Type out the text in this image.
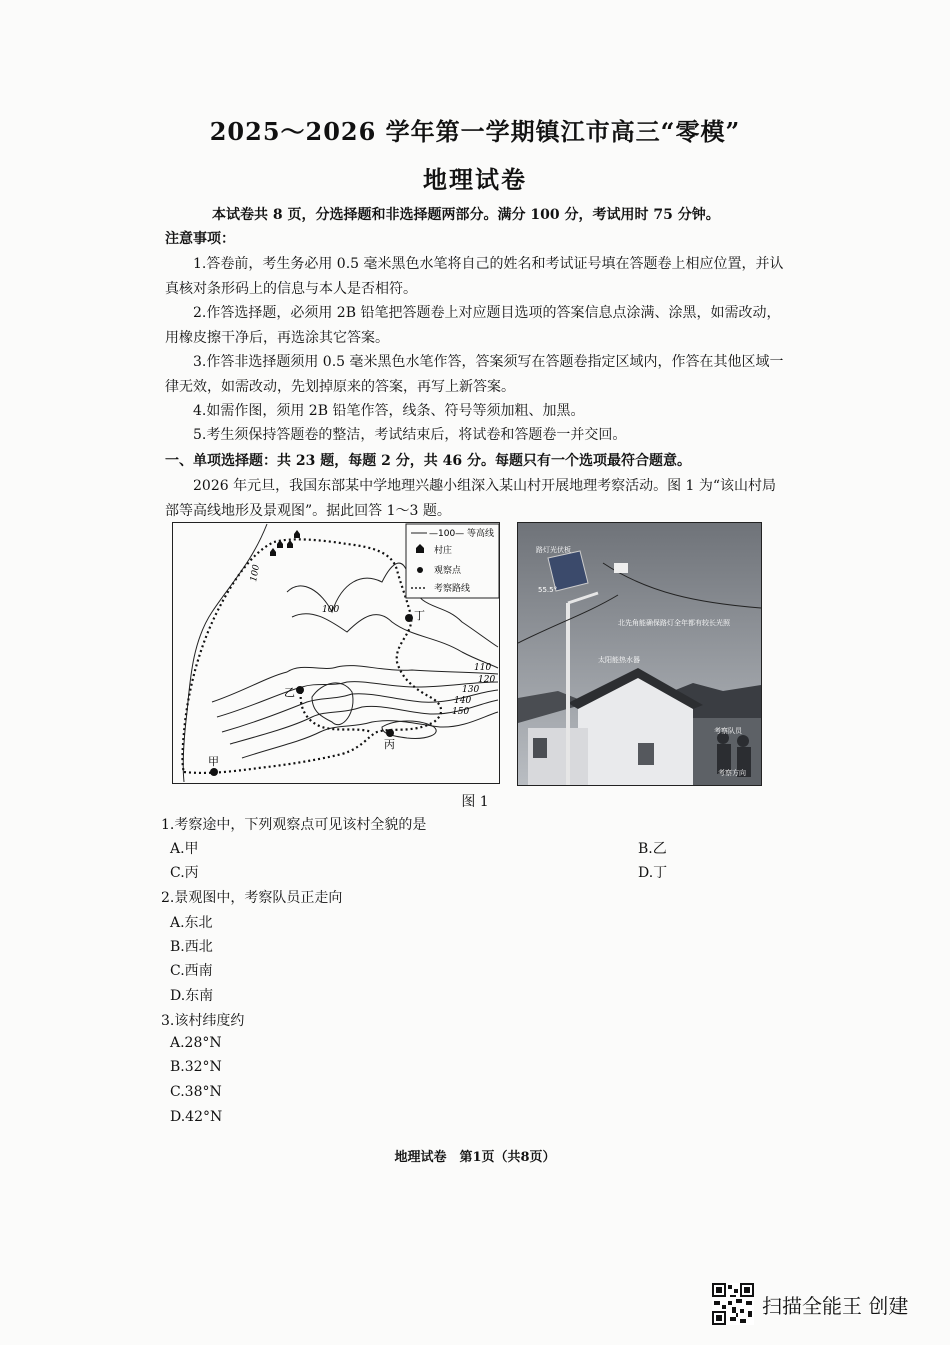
2025～2026 学年第一学期镇江市高三“零模”
地理试卷
本试卷共 8 页，分选择题和非选择题两部分。满分 100 分，考试用时 75 分钟。
注意事项：
1.答卷前，考生务必用 0.5 毫米黑色水笔将自己的姓名和考试证号填在答题卷上相应位置，并认真核对条形码上的信息与本人是否相符。
2.作答选择题，必须用 2B 铅笔把答题卷上对应题目选项的答案信息点涂满、涂黑，如需改动，用橡皮擦干净后，再选涂其它答案。
3.作答非选择题须用 0.5 毫米黑色水笔作答，答案须写在答题卷指定区域内，作答在其他区域一律无效，如需改动，先划掉原来的答案，再写上新答案。
4.如需作图，须用 2B 铅笔作答，线条、符号等须加粗、加黑。
5.考生须保持答题卷的整洁，考试结束后，将试卷和答题卷一并交回。
一、单项选择题：共 23 题，每题 2 分，共 46 分。每题只有一个选项最符合题意。
2026 年元旦，我国东部某中学地理兴趣小组深入某山村开展地理考察活动。图 1 为“该山村局部等高线地形及景观图”。据此回答 1～3 题。
—100— 等高线
村庄
观察点
考察路线
100
100
110
120
130
140
150
甲
乙
丙
丁
路灯光伏板
55.5°
北先角能确保路灯全年都有较长光照
太阳能热水器
考察队员
考察方向
图 1
1.考察途中，下列观察点可见该村全貌的是
A.甲	B.乙
C.丙	D.丁
2.景观图中，考察队员正走向
A.东北
B.西北
C.西南
D.东南
3.该村纬度约
A.28°N
B.32°N
C.38°N
D.42°N
地理试卷　第1页（共8页）
扫描全能王 创建
